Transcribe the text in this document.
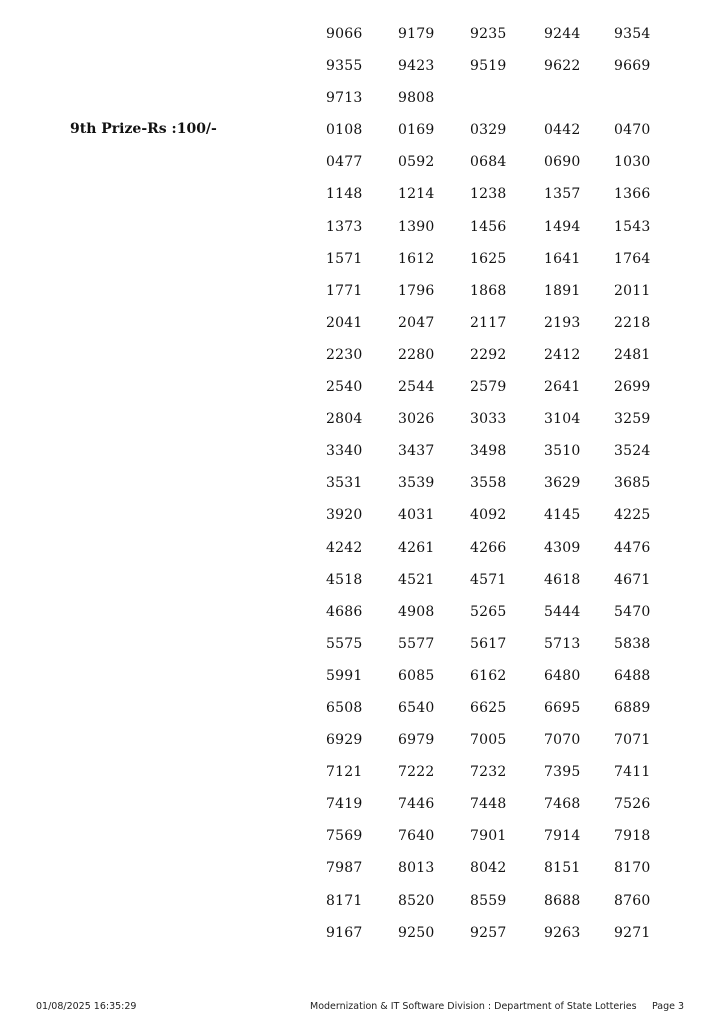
9066	9179	9235	9244 9354
9355	9423	9519	9622 9669
9713	9808
9th Prize-Rs :100/-	0108	0169	0329	0442 0470
0477	0592	0684	0690 1030
1148	1214	1238	1357 1366
1373	1390	1456	1494 1543
1571	1612	1625	1641 1764
1771	1796	1868	1891 2011
2041	2047	2117	2193 2218
2230	2280	2292	2412 2481
2540	2544	2579	2641 2699
2804	3026	3033	3104 3259
3340	3437	3498	3510 3524
3531	3539	3558	3629 3685
3920	4031	4092	4145 4225
4242	4261	4266	4309 4476
4518	4521	4571	4618 4671
4686	4908	5265	5444 5470
5575	5577	5617	5713 5838
5991	6085	6162	6480 6488
6508	6540	6625	6695 6889
6929	6979	7005	7070 7071
7121	7222	7232	7395 7411
7419	7446	7448	7468 7526
7569	7640	7901	7914 7918
7987	8013	8042	8151 8170
8171	8520	8559	8688 8760
9167	9250	9257	9263 9271
01/08/2025 16:35:29	Modernization & IT Software Division : Department of State Lotteries Page 3
